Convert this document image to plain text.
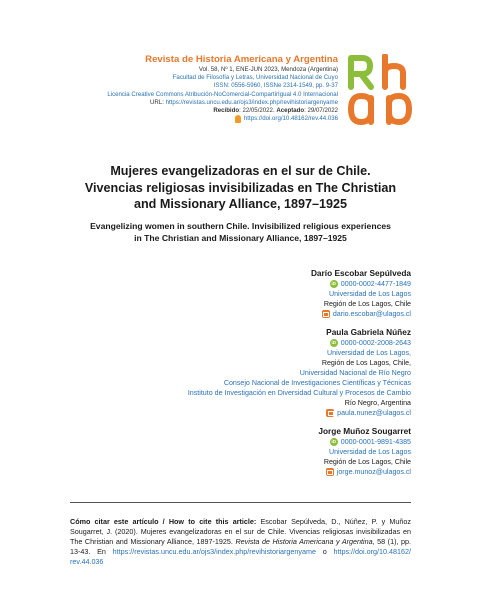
Revista de Historia Americana y Argentina
Vol. 58, Nº 1, ENE-JUN 2023, Mendoza (Argentina)
Facultad de Filosofía y Letras, Universidad Nacional de Cuyo
ISSN: 0556-5960, ISSNe 2314-1549, pp. 9-37
Licencia Creative Commons Atribución-NoComercial-CompartirIgual 4.0 Internacional
URL: https://revistas.uncu.edu.ar/ojs3/index.php/revihistoriargenyame
Recibido: 22/05/2022. Aceptado: 29/07/2022
https://doi.org/10.48162/rev.44.036
Mujeres evangelizadoras en el sur de Chile.
Vivencias religiosas invisibilizadas en The Christian
and Missionary Alliance, 1897–1925
Evangelizing women in southern Chile. Invisibilized religious experiences
in The Christian and Missionary Alliance, 1897–1925
Darío Escobar Sepúlveda
iD
0000-0002-4477-1849
Universidad de Los Lagos
Región de Los Lagos, Chile
dario.escobar@ulagos.cl
Paula Gabriela Núñez
iD
0000-0002-2008-2643
Universidad de Los Lagos,
Región de Los Lagos, Chile,
Universidad Nacional de Río Negro
Consejo Nacional de Investigaciones Científicas y Técnicas
Instituto de Investigación en Diversidad Cultural y Procesos de Cambio
Río Negro, Argentina
paula.nunez@ulagos.cl
Jorge Muñoz Sougarret
iD
0000-0001-9891-4385
Universidad de Los Lagos
Región de Los Lagos, Chile
jorge.munoz@ulagos.cl
Cómo citar este artículo / How to cite this article: Escobar Sepúlveda, D., Núñez, P. y Muñoz Sougarret, J. (2020). Mujeres evangelizadoras en el sur de Chile. Vivencias religiosas invisibilizadas en The Christian and Missionary Alliance, 1897-1925. Revista de Historia Americana y Argentina, 58 (1), pp. 13-43. En https://revistas.uncu.edu.ar/ojs3/index.php/revihistoriargenyame o https://doi.org/10.48162/ rev.44.036
